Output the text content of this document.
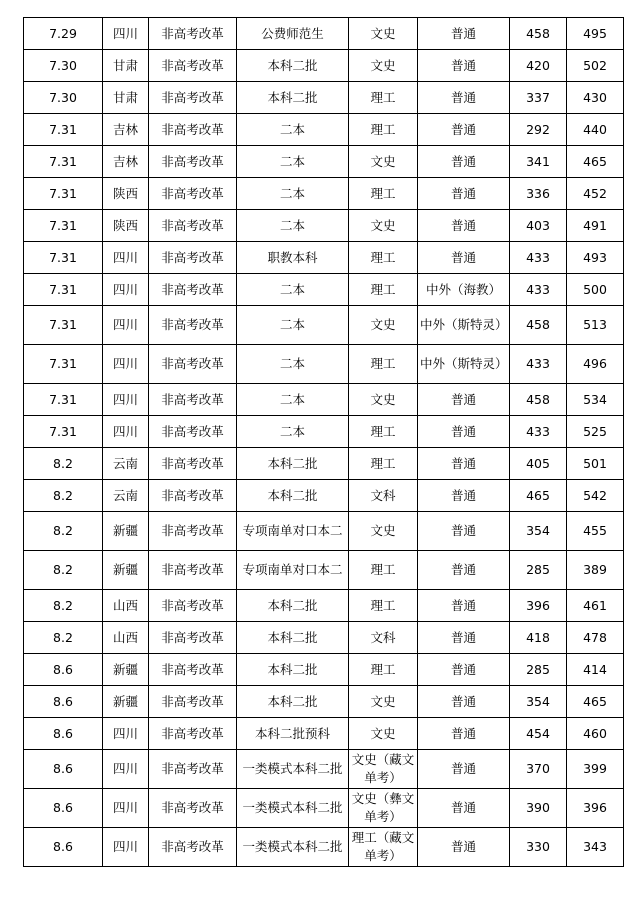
7.29	四川	非高考改革	公费师范生	文史	普通	458	495
7.30	甘肃	非高考改革	本科二批	文史	普通	420	502
7.30	甘肃	非高考改革	本科二批	理工	普通	337	430
7.31	吉林	非高考改革	二本	理工	普通	292	440
7.31	吉林	非高考改革	二本	文史	普通	341	465
7.31	陕西	非高考改革	二本	理工	普通	336	452
7.31	陕西	非高考改革	二本	文史	普通	403	491
7.31	四川	非高考改革	职教本科	理工	普通	433	493
7.31	四川	非高考改革	二本	理工	中外（海教）	433	500
7.31	四川	非高考改革	二本	文史	中外（斯特灵）	458	513
7.31	四川	非高考改革	二本	理工	中外（斯特灵）	433	496
7.31	四川	非高考改革	二本	文史	普通	458	534
7.31	四川	非高考改革	二本	理工	普通	433	525
8.2	云南	非高考改革	本科二批	理工	普通	405	501
8.2	云南	非高考改革	本科二批	文科	普通	465	542
8.2	新疆	非高考改革	专项南单对口本二	文史	普通	354	455
8.2	新疆	非高考改革	专项南单对口本二	理工	普通	285	389
8.2	山西	非高考改革	本科二批	理工	普通	396	461
8.2	山西	非高考改革	本科二批	文科	普通	418	478
8.6	新疆	非高考改革	本科二批	理工	普通	285	414
8.6	新疆	非高考改革	本科二批	文史	普通	354	465
8.6	四川	非高考改革	本科二批预科	文史	普通	454	460
8.6	四川	非高考改革	一类模式本科二批	文史（藏文单考）	普通	370	399
8.6	四川	非高考改革	一类模式本科二批	文史（彝文单考）	普通	390	396
8.6	四川	非高考改革	一类模式本科二批	理工（藏文单考）	普通	330	343
